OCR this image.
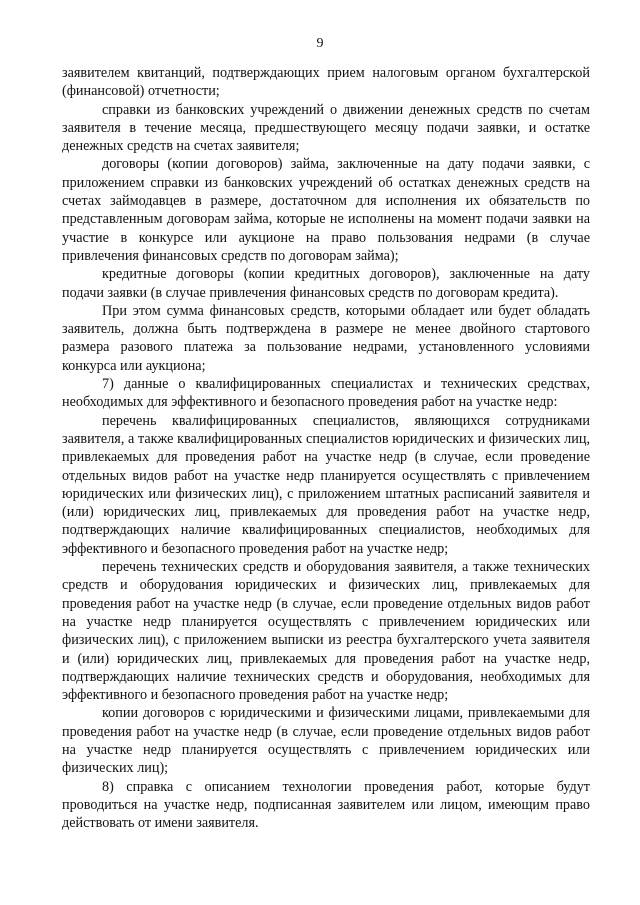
9

заявителем квитанций, подтверждающих прием налоговым органом бухгалтерской (финансовой) отчетности;

справки из банковских учреждений о движении денежных средств по счетам заявителя в течение месяца, предшествующего месяцу подачи заявки, и остатке денежных средств на счетах заявителя;

договоры (копии договоров) займа, заключенные на дату подачи заявки, с приложением справки из банковских учреждений об остатках денежных средств на счетах займодавцев в размере, достаточном для исполнения их обязательств по представленным договорам займа, которые не исполнены на момент подачи заявки на участие в конкурсе или аукционе на право пользования недрами (в случае привлечения финансовых средств по договорам займа);

кредитные договоры (копии кредитных договоров), заключенные на дату подачи заявки (в случае привлечения финансовых средств по договорам кредита).

При этом сумма финансовых средств, которыми обладает или будет обладать заявитель, должна быть подтверждена в размере не менее двойного стартового размера разового платежа за пользование недрами, установленного условиями конкурса или аукциона;

7) данные о квалифицированных специалистах и технических средствах, необходимых для эффективного и безопасного проведения работ на участке недр:

перечень квалифицированных специалистов, являющихся сотрудниками заявителя, а также квалифицированных специалистов юридических и физических лиц, привлекаемых для проведения работ на участке недр (в случае, если проведение отдельных видов работ на участке недр планируется осуществлять с привлечением юридических или физических лиц), с приложением штатных расписаний заявителя и (или) юридических лиц, привлекаемых для проведения работ на участке недр, подтверждающих наличие квалифицированных специалистов, необходимых для эффективного и безопасного проведения работ на участке недр;

перечень технических средств и оборудования заявителя, а также технических средств и оборудования юридических и физических лиц, привлекаемых для проведения работ на участке недр (в случае, если проведение отдельных видов работ на участке недр планируется осуществлять с привлечением юридических или физических лиц), с приложением выписки из реестра бухгалтерского учета заявителя и (или) юридических лиц, привлекаемых для проведения работ на участке недр, подтверждающих наличие технических средств и оборудования, необходимых для эффективного и безопасного проведения работ на участке недр;

копии договоров с юридическими и физическими лицами, привлекаемыми для проведения работ на участке недр (в случае, если проведение отдельных видов работ на участке недр планируется осуществлять с привлечением юридических или физических лиц);

8) справка с описанием технологии проведения работ, которые будут проводиться на участке недр, подписанная заявителем или лицом, имеющим право действовать от имени заявителя.
